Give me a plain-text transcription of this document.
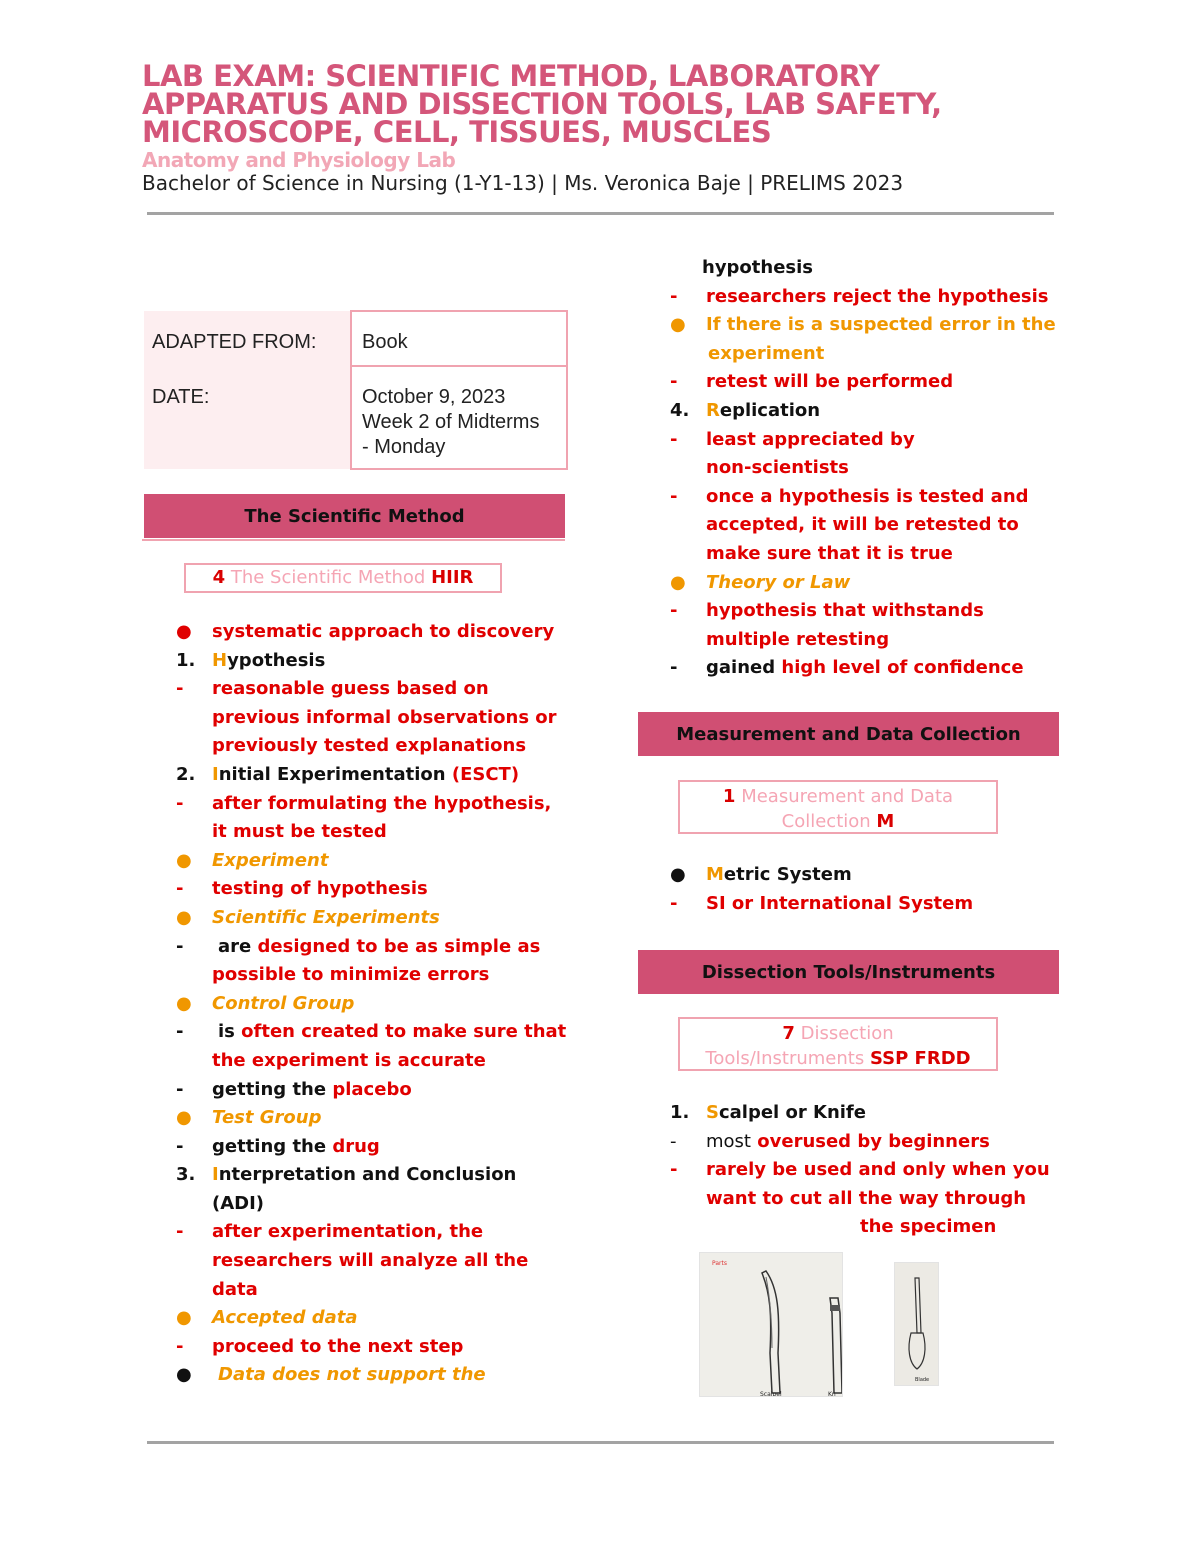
LAB EXAM: SCIENTIFIC METHOD, LABORATORY APPARATUS AND DISSECTION TOOLS, LAB SAFETY, MICROSCOPE, CELL, TISSUES, MUSCLES
Anatomy and Physiology Lab
Bachelor of Science in Nursing (1-Y1-13) | Ms. Veronica Baje | PRELIMS 2023
ADAPTED FROM:	Book
DATE:	October 9, 2023
Week 2 of Midterms
- Monday
The Scientific Method
4 The Scientific Method HIIR
● systematic approach to discovery
1. Hypothesis
- reasonable guess based on
previous informal observations or
previously tested explanations
2. Initial Experimentation (ESCT)
- after formulating the hypothesis,
it must be tested
● Experiment
- testing of hypothesis
● Scientific Experiments
- are designed to be as simple as
possible to minimize errors
● Control Group
- is often created to make sure that
the experiment is accurate
- getting the placebo
● Test Group
- getting the drug
3. Interpretation and Conclusion
(ADI)
- after experimentation, the
researchers will analyze all the
data
● Accepted data
- proceed to the next step
● Data does not support the
hypothesis
- researchers reject the hypothesis
● If there is a suspected error in the
experiment
- retest will be performed
4. Replication
- least appreciated by
non-scientists
- once a hypothesis is tested and
accepted, it will be retested to
make sure that it is true
● Theory or Law
- hypothesis that withstands
multiple retesting
- gained high level of confidence
Measurement and Data Collection
1 Measurement and Data
Collection M
● Metric System
- SI or International System
Dissection Tools/Instruments
7 Dissection
Tools/Instruments SSP FRDD
1. Scalpel or Knife
- most overused by beginners
- rarely be used and only when you
want to cut all the way through
the specimen
Parts
Scalpel	Kn
Blade
